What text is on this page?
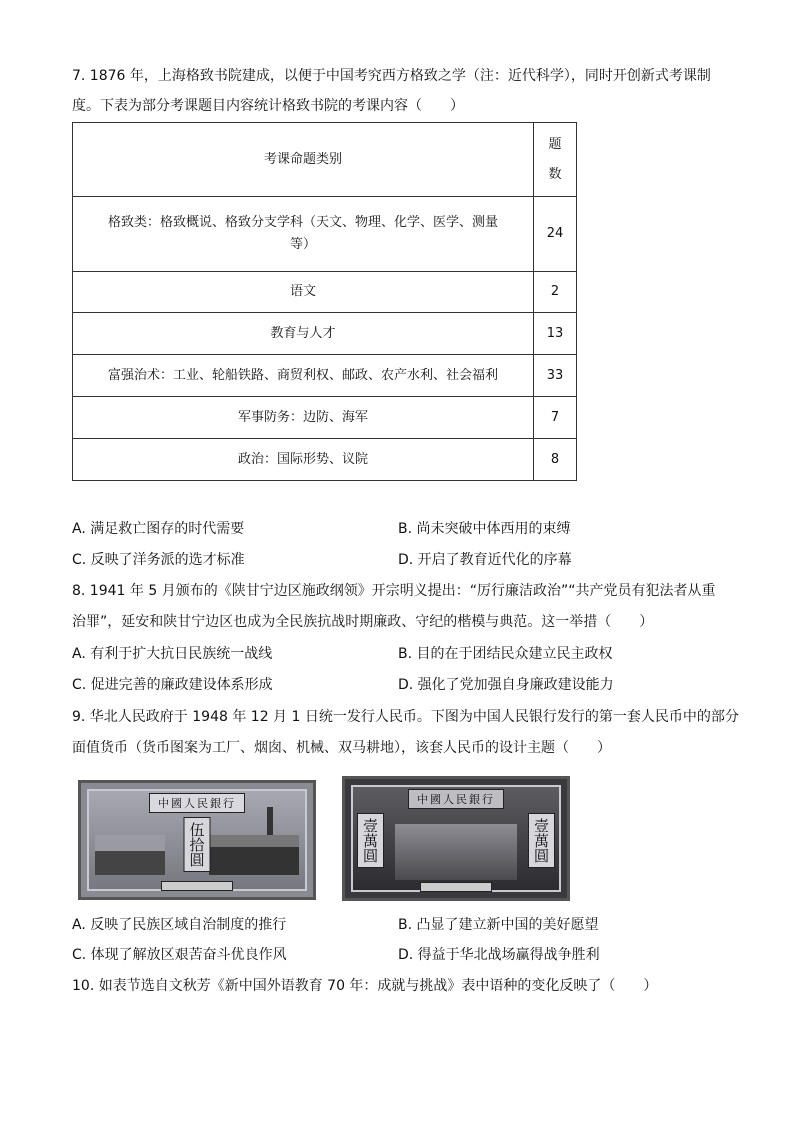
7. 1876 年，上海格致书院建成，以便于中国考究西方格致之学（注：近代科学），同时开创新式考课制
度。下表为部分考课题目内容统计格致书院的考课内容（　　）
考课命题类别	题
数

格致类：格致概说、格致分支学科（天文、物理、化学、医学、测量
等）	24
语文	2
教育与人才	13
富强治术：工业、轮船铁路、商贸利权、邮政、农产水利、社会福利	33
军事防务：边防、海军	7
政治：国际形势、议院	8
A. 满足救亡图存的时代需要	B. 尚未突破中体西用的束缚
C. 反映了洋务派的选才标准	D. 开启了教育近代化的序幕
8. 1941 年 5 月颁布的《陕甘宁边区施政纲领》开宗明义提出：“厉行廉洁政治”“共产党员有犯法者从重
治罪”，延安和陕甘宁边区也成为全民族抗战时期廉政、守纪的楷模与典范。这一举措（　　）
A. 有利于扩大抗日民族统一战线	B. 目的在于团结民众建立民主政权
C. 促进完善的廉政建设体系形成	D. 强化了党加强自身廉政建设能力
9. 华北人民政府于 1948 年 12 月 1 日统一发行人民币。下图为中国人民银行发行的第一套人民币中的部分
面值货币（货币图案为工厂、烟囱、机械、双马耕地），该套人民币的设计主题（　　）
中國人民銀行
伍拾圓
中國人民銀行
壹萬圓	壹萬圓
A. 反映了民族区域自治制度的推行	B. 凸显了建立新中国的美好愿望
C. 体现了解放区艰苦奋斗优良作风	D. 得益于华北战场赢得战争胜利
10. 如表节选自文秋芳《新中国外语教育 70 年：成就与挑战》表中语种的变化反映了（　　）
